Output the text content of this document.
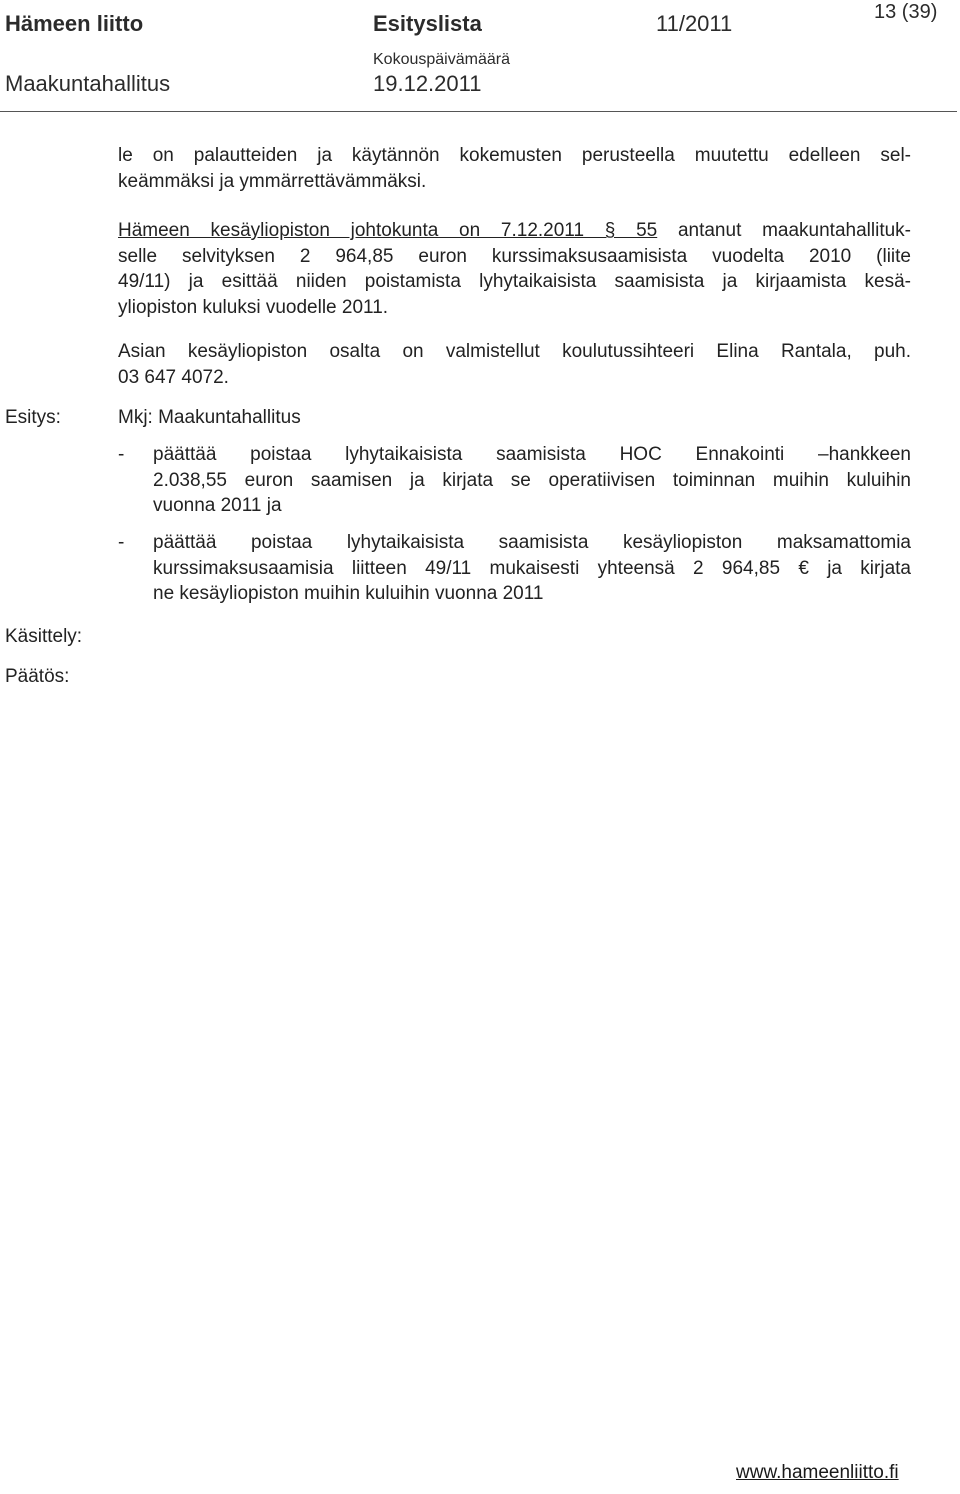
Hämeen liitto	Esityslista	11/2011	13 (39)
Kokouspäivämäärä
Maakuntahallitus	19.12.2011
le on palautteiden ja käytännön kokemusten perusteella muutettu edelleen sel-
keämmäksi ja ymmärrettävämmäksi.
Hämeen kesäyliopiston johtokunta on 7.12.2011 § 55 antanut maakuntahallituk-
selle selvityksen 2 964,85 euron kurssimaksusaamisista vuodelta 2010 (liite
49/11) ja esittää niiden poistamista lyhytaikaisista saamisista ja kirjaamista kesä-
yliopiston kuluksi vuodelle 2011.
Asian kesäyliopiston osalta on valmistellut koulutussihteeri Elina Rantala, puh.
03 647 4072.
Esitys:	Mkj: Maakuntahallitus
- päättää poistaa lyhytaikaisista saamisista HOC Ennakointi –hankkeen
2.038,55 euron saamisen ja kirjata se operatiivisen toiminnan muihin kuluihin
vuonna 2011 ja
- päättää poistaa lyhytaikaisista saamisista kesäyliopiston maksamattomia
kurssimaksusaamisia liitteen 49/11 mukaisesti yhteensä 2 964,85 € ja kirjata
ne kesäyliopiston muihin kuluihin vuonna 2011
Käsittely:
Päätös:
www.hameenliitto.fi
